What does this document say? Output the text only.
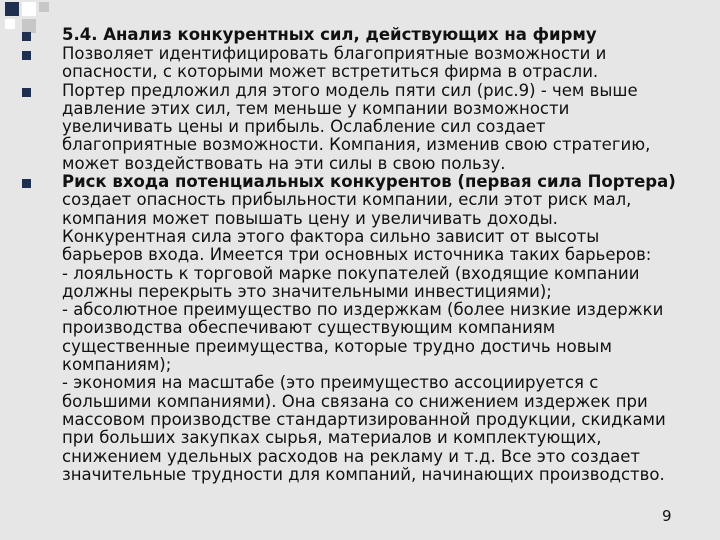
5.4. Анализ конкурентных сил, действующих на фирму
Позволяет идентифицировать благоприятные возможности и
опасности, с которыми может встретиться фирма в отрасли.
Портер предложил для этого модель пяти сил (рис.9) - чем выше
давление этих сил, тем меньше у компании возможности
увеличивать цены и прибыль. Ослабление сил создает
благоприятные возможности. Компания, изменив свою стратегию,
может воздействовать на эти силы в свою пользу.
Риск входа потенциальных конкурентов (первая сила Портера)
создает опасность прибыльности компании, если этот риск мал,
компания может повышать цену и увеличивать доходы.
Конкурентная сила этого фактора сильно зависит от высоты
барьеров входа. Имеется три основных источника таких барьеров:
- лояльность к торговой марке покупателей (входящие компании
должны перекрыть это значительными инвестициями);
- абсолютное преимущество по издержкам (более низкие издержки
производства обеспечивают существующим компаниям
существенные преимущества, которые трудно достичь новым
компаниям);
- экономия на масштабе (это преимущество ассоциируется с
большими компаниями). Она связана со снижением издержек при
массовом производстве стандартизированной продукции, скидками
при больших закупках сырья, материалов и комплектующих,
снижением удельных расходов на рекламу и т.д. Все это создает
значительные трудности для компаний, начинающих производство.
9
